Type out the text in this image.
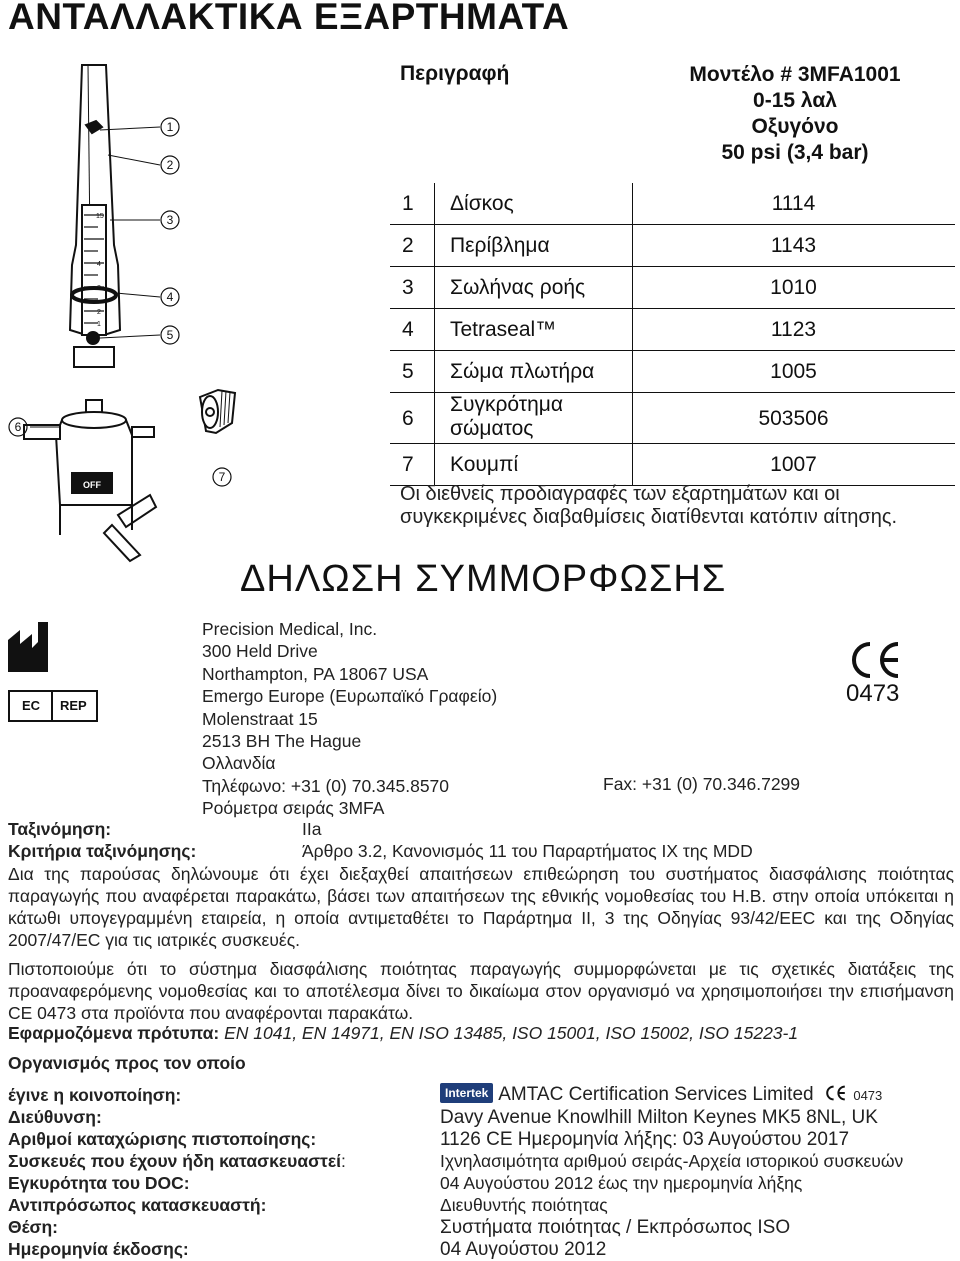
ΑΝΤΑΛΛΑΚΤΙΚΑ ΕΞΑΡΤΗΜΑΤΑ
1
2
3
4
5
6
7
15
4
3
2
1
OFF
Περιγραφή	Μοντέλο # 3MFA1001
0-15 λαλ
Οξυγόνο
50 psi (3,4 bar)
1 Δίσκος	1114
2 Περίβλημα	1143
3 Σωλήνας ροής	1010
4 Tetraseal™	1123
5 Σώμα πλωτήρα	1005
6
Συγκρότημα σώματος	503506
7 Κουμπί	1007
Οι διεθνείς προδιαγραφές των εξαρτημάτων και οι συγκεκριμένες διαβαθμίσεις διατίθενται κατόπιν αίτησης.
ΔΗΛΩΣΗ ΣΥΜΜΟΡΦΩΣΗΣ
EC REP
Precision Medical, Inc.
300 Held Drive
Northampton, PA 18067 USA
Emergo Europe (Ευρωπαϊκό Γραφείο)
Molenstraat 15
2513 BH The Hague
Ολλανδία
Τηλέφωνο: +31 (0) 70.345.8570
Ροόμετρα σειράς 3MFA
Fax: +31 (0) 70.346.7299
0473
Ταξινόμηση:	IIa
Κριτήρια ταξινόμησης:	Άρθρο 3.2, Κανονισμός 11 του Παραρτήματος IX της MDD
Δια της παρούσας δηλώνουμε ότι έχει διεξαχθεί απαιτήσεων επιθεώρηση του συστήματος διασφάλισης ποιότητας παραγωγής που αναφέρεται παρακάτω, βάσει των απαιτήσεων της εθνικής νομοθεσίας του Η.Β. στην οποία υπόκειται η κάτωθι υπογεγραμμένη εταιρεία, η οποία αντιμεταθέτει το Παράρτημα II, 3 της Οδηγίας 93/42/EEC και της Οδηγίας 2007/47/EC για τις ιατρικές συσκευές.
Πιστοποιούμε ότι το σύστημα διασφάλισης ποιότητας παραγωγής συμμορφώνεται με τις σχετικές διατάξεις της προαναφερόμενης νομοθεσίας και το αποτέλεσμα δίνει το δικαίωμα στον οργανισμό να χρησιμοποιήσει την επισήμανση CE 0473 στα προϊόντα που αναφέρονται παρακάτω.
Εφαρμοζόμενα πρότυπα: EN 1041, EN 14971, EN ISO 13485, ISO 15001, ISO 15002, ISO 15223-1
Οργανισμός προς τον οποίο
έγινε η κοινοποίηση:	Intertek AMTAC Certification Services Limited	0473
Διεύθυνση:	Davy Avenue Knowlhill Milton Keynes MK5 8NL, UK
Αριθμοί καταχώρισης πιστοποίησης:	1126 CE Ημερομηνία λήξης: 03 Αυγούστου 2017
Συσκευές που έχουν ήδη κατασκευαστεί:	Ιχνηλασιμότητα αριθμού σειράς-Αρχεία ιστορικού συσκευών
Εγκυρότητα του DOC:	04 Αυγούστου 2012 έως την ημερομηνία λήξης
Αντιπρόσωπος κατασκευαστή:	Διευθυντής ποιότητας
Θέση:	Συστήματα ποιότητας / Εκπρόσωπος ISO
Ημερομηνία έκδοσης:	04 Αυγούστου 2012
